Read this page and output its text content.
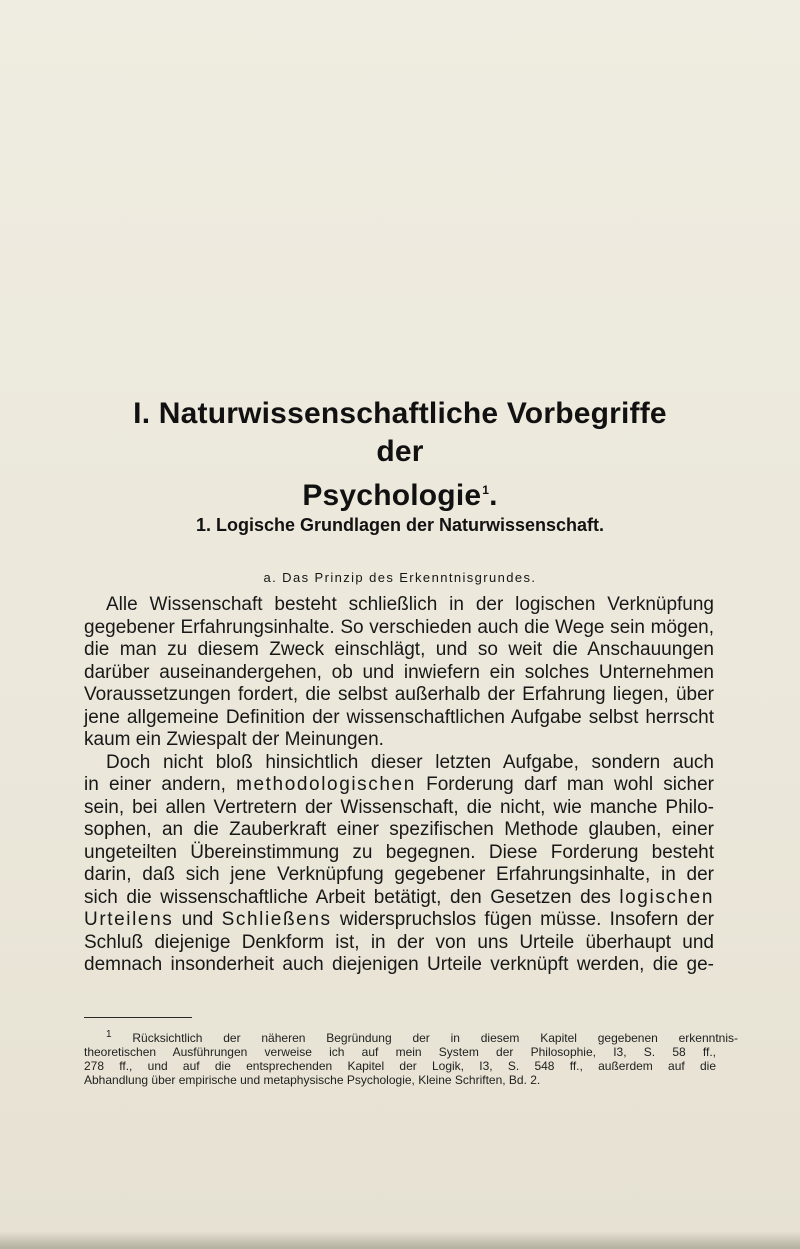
I. Naturwissenschaftliche Vorbegriffe
der
Psychologie$^1$.
1. Logische Grundlagen der Naturwissenschaft.
a. Das Prinzip des Erkenntnisgrundes.
Alle Wissenschaft besteht schließlich in der logischen Verknüpfung
gegebener Erfahrungsinhalte. So verschieden auch die Wege sein mögen,
die man zu diesem Zweck einschlägt, und so weit die Anschauungen
darüber auseinandergehen, ob und inwiefern ein solches Unternehmen
Voraussetzungen fordert, die selbst außerhalb der Erfahrung liegen, über
jene allgemeine Definition der wissenschaftlichen Aufgabe selbst herrscht
kaum ein Zwiespalt der Meinungen.
Doch nicht bloß hinsichtlich dieser letzten Aufgabe, sondern auch
in einer andern, methodologischen Forderung darf man wohl sicher
sein, bei allen Vertretern der Wissenschaft, die nicht, wie manche Philo-
sophen, an die Zauberkraft einer spezifischen Methode glauben, einer
ungeteilten Übereinstimmung zu begegnen. Diese Forderung besteht
darin, daß sich jene Verknüpfung gegebener Erfahrungsinhalte, in der
sich die wissenschaftliche Arbeit betätigt, den Gesetzen des logischen
Urteilens und Schließens widerspruchslos fügen müsse. Insofern der
Schluß diejenige Denkform ist, in der von uns Urteile überhaupt und
demnach insonderheit auch diejenigen Urteile verknüpft werden, die ge-
$^1$ Rücksichtlich der näheren Begründung der in diesem Kapitel gegebenen erkenntnis-
theoretischen Ausführungen verweise ich auf mein System der Philosophie, I3, S. 58 ff.,
278 ff., und auf die entsprechenden Kapitel der Logik, I3, S. 548 ff., außerdem auf die
Abhandlung über empirische und metaphysische Psychologie, Kleine Schriften, Bd. 2.
